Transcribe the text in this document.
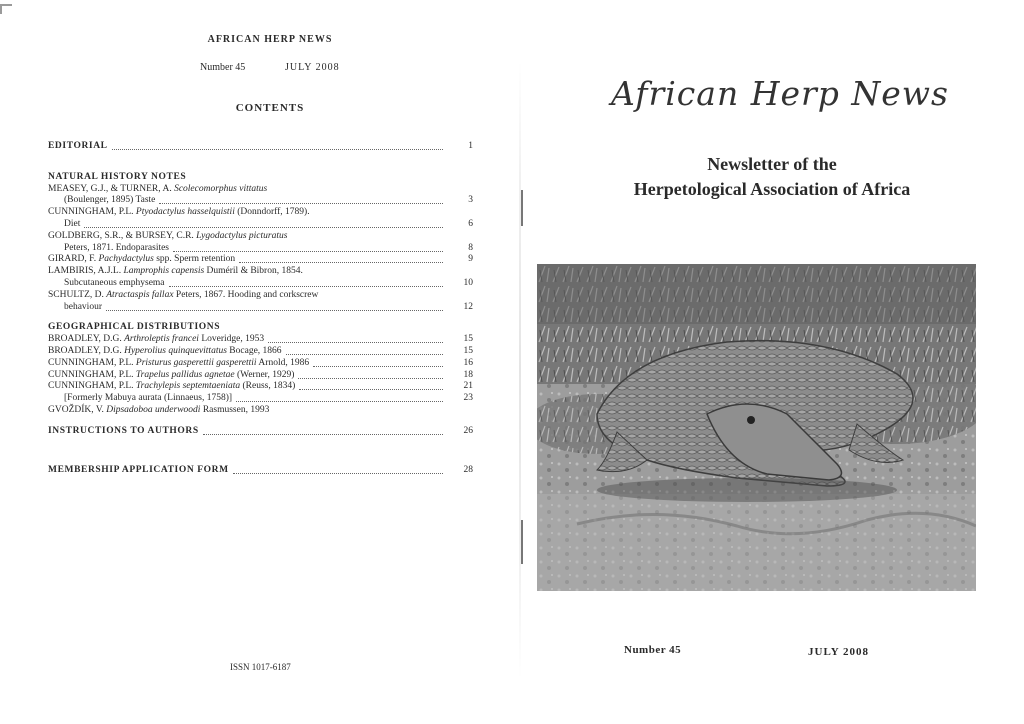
AFRICAN HERP NEWS
Number 45	JULY 2008
CONTENTS
EDITORIAL	1
NATURAL HISTORY NOTES
MEASEY, G.J., & TURNER, A. Scolecomorphus vittatus
(Boulenger, 1895) Taste	3
CUNNINGHAM, P.L. Ptyodactylus hasselquistii (Donndorff, 1789).
Diet	6
GOLDBERG, S.R., & BURSEY, C.R. Lygodactylus picturatus
Peters, 1871. Endoparasites	8
GIRARD, F. Pachydactylus spp. Sperm retention	9
LAMBIRIS, A.J.L. Lamprophis capensis Duméril & Bibron, 1854.
Subcutaneous emphysema	10
SCHULTZ, D. Atractaspis fallax Peters, 1867. Hooding and corkscrew
behaviour	12
GEOGRAPHICAL DISTRIBUTIONS
BROADLEY, D.G. Arthroleptis francei Loveridge, 1953	15
BROADLEY, D.G. Hyperolius quinquevittatus Bocage, 1866	15
CUNNINGHAM, P.L. Pristurus gasperettii gasperettii Arnold, 1986	16
CUNNINGHAM, P.L. Trapelus pallidus agnetae (Werner, 1929)	18
CUNNINGHAM, P.L. Trachylepis septemtaeniata (Reuss, 1834)	21
[Formerly Mabuya aurata (Linnaeus, 1758)]	23
GVOŽDÍK, V. Dipsadoboa underwoodi Rasmussen, 1993
INSTRUCTIONS TO AUTHORS	26
MEMBERSHIP APPLICATION FORM	28
ISSN 1017-6187
African Herp News
Newsletter of the
Herpetological Association of Africa
Number 45	JULY 2008
